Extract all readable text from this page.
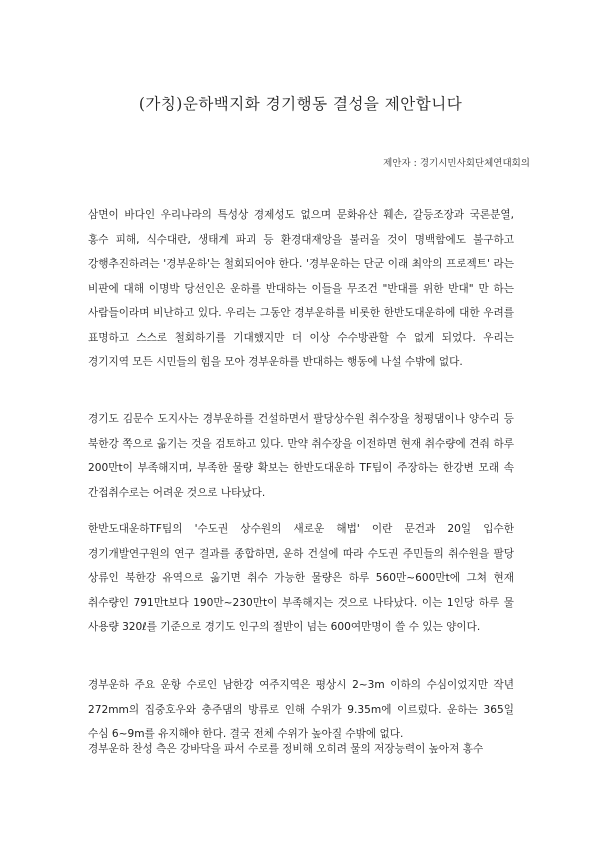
(가칭)운하백지화 경기행동 결성을 제안합니다
제안자 : 경기시민사회단체연대회의
삼면이 바다인 우리나라의 특성상 경제성도 없으며 문화유산 훼손, 갈등조장과 국론분열, 홍수 피해, 식수대란, 생태계 파괴 등 환경대재앙을 불러올 것이 명백함에도 불구하고 강행추진하려는 '경부운하'는 철회되어야 한다. '경부운하는 단군 이래 최악의 프로젝트' 라는 비판에 대해 이명박 당선인은 운하를 반대하는 이들을 무조건 "반대를 위한 반대" 만 하는 사람들이라며 비난하고 있다. 우리는 그동안 경부운하를 비롯한 한반도대운하에 대한 우려를 표명하고 스스로 철회하기를 기대했지만 더 이상 수수방관할 수 없게 되었다. 우리는 경기지역 모든 시민들의 힘을 모아 경부운하를 반대하는 행동에 나설 수밖에 없다.
경기도 김문수 도지사는 경부운하를 건설하면서 팔당상수원 취수장을 청평댐이나 양수리 등 북한강 쪽으로 옮기는 것을 검토하고 있다. 만약 취수장을 이전하면 현재 취수량에 견줘 하루 200만t이 부족해지며, 부족한 물량 확보는 한반도대운하 TF팀이 주장하는 한강변 모래 속 간접취수로는 어려운 것으로 나타났다.
한반도대운하TF팀의 '수도권 상수원의 새로운 해법' 이란 문건과 20일 입수한 경기개발연구원의 연구 결과를 종합하면, 운하 건설에 따라 수도권 주민들의 취수원을 팔당 상류인 북한강 유역으로 옮기면 취수 가능한 물량은 하루 560만~600만t에 그쳐 현재 취수량인 791만t보다 190만~230만t이 부족해지는 것으로 나타났다. 이는 1인당 하루 물 사용량 320ℓ를 기준으로 경기도 인구의 절반이 넘는 600여만명이 쓸 수 있는 양이다.
경부운하 주요 운항 수로인 남한강 여주지역은 평상시 2~3m 이하의 수심이었지만 작년 272mm의 집중호우와 충주댐의 방류로 인해 수위가 9.35m에 이르렀다. 운하는 365일 수심 6~9m를 유지해야 한다. 결국 전체 수위가 높아질 수밖에 없다.
경부운하 찬성 측은 강바닥을 파서 수로를 정비해 오히려 물의 저장능력이 높아져 홍수
